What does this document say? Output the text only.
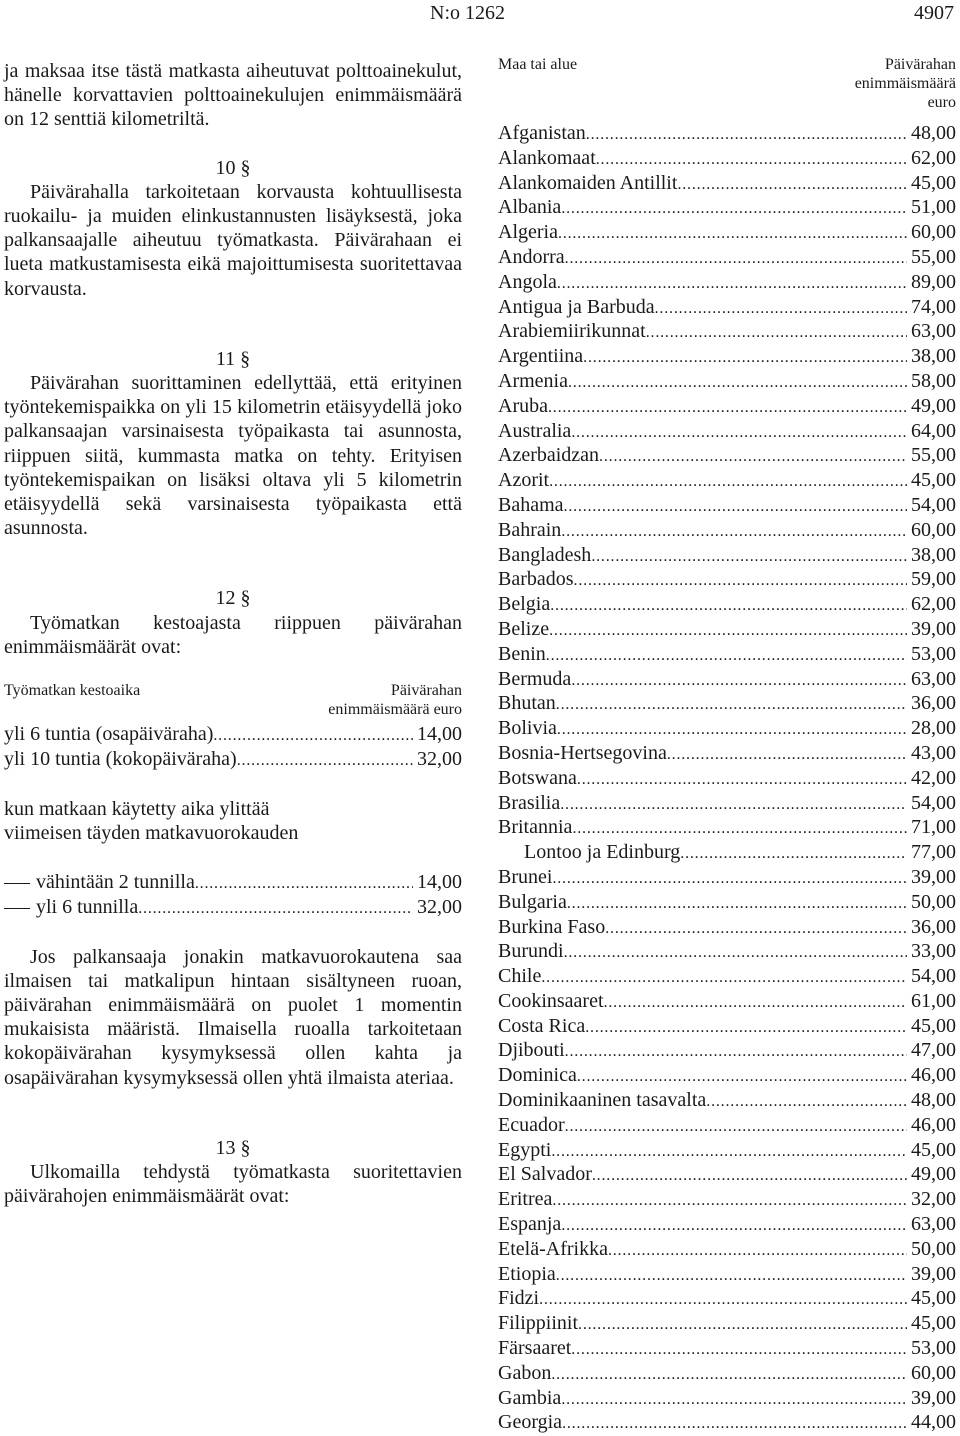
N:o 1262	4907

ja maksaa itse tästä matkasta aiheutuvat polttoainekulut, hänelle korvattavien polttoainekulujen enimmäismäärä on 12 senttiä kilometriltä.

10 §

Päivärahalla tarkoitetaan korvausta kohtuullisesta ruokailu- ja muiden elinkustannusten lisäyksestä, joka palkansaajalle aiheutuu työmatkasta. Päivärahaan ei lueta matkustamisesta eikä majoittumisesta suoritettavaa korvausta.

11 §

Päivärahan suorittaminen edellyttää, että erityinen työntekemispaikka on yli 15 kilometrin etäisyydellä joko palkansaajan varsinaisesta työpaikasta tai asunnosta, riippuen siitä, kummasta matka on tehty. Erityisen työntekemispaikan on lisäksi oltava yli 5 kilometrin etäisyydellä sekä varsinaisesta työpaikasta että asunnosta.

12 §

Työmatkan kestoajasta riippuen päivärahan enimmäismäärät ovat:

Työmatkan kestoaika	Päivärahan
enimmäismäärä euro
yli 6 tuntia (osapäiväraha) . . .	14,00
yli 10 tuntia (kokopäiväraha) . . .	32,00
kun matkaan käytetty aika ylittää
viimeisen täyden matkavuorokauden
vähintään 2 tunnilla . . .	14,00
yli 6 tunnilla . . .	32,00

Jos palkansaaja jonakin matkavuorokautena saa ilmaisen tai matkalipun hintaan sisältyneen ruoan, päivärahan enimmäismäärä on puolet 1 momentin mukaisista määristä. Ilmaisella ruoalla tarkoitetaan kokopäivärahan kysymyksessä ollen kahta ja osapäivärahan kysymyksessä ollen yhtä ilmaista ateriaa.

13 §

Ulkomailla tehdystä työmatkasta suoritettavien päivärahojen enimmäismäärät ovat:

Maa tai alue	Päivärahan
enimmäismäärä
euro
Afganistan . . .	48,00
Alankomaat . . .	62,00
Alankomaiden Antillit . . .	45,00
Albania . . .	51,00
Algeria . . .	60,00
Andorra . . .	55,00
Angola . . .	89,00
Antigua ja Barbuda . . .	74,00
Arabiemiirikunnat . . .	63,00
Argentiina . . .	38,00
Armenia . . .	58,00
Aruba . . .	49,00
Australia . . .	64,00
Azerbaidzan . . .	55,00
Azorit . . .	45,00
Bahama . . .	54,00
Bahrain . . .	60,00
Bangladesh . . .	38,00
Barbados . . .	59,00
Belgia . . .	62,00
Belize . . .	39,00
Benin . . .	53,00
Bermuda . . .	63,00
Bhutan . . .	36,00
Bolivia . . .	28,00
Bosnia-Hertsegovina . . .	43,00
Botswana . . .	42,00
Brasilia . . .	54,00
Britannia . . .	71,00
Lontoo ja Edinburg . . .	77,00
Brunei . . .	39,00
Bulgaria . . .	50,00
Burkina Faso . . .	36,00
Burundi . . .	33,00
Chile . . .	54,00
Cookinsaaret . . .	61,00
Costa Rica . . .	45,00
Djibouti . . .	47,00
Dominica . . .	46,00
Dominikaaninen tasavalta . . .	48,00
Ecuador . . .	46,00
Egypti . . .	45,00
El Salvador . . .	49,00
Eritrea . . .	32,00
Espanja . . .	63,00
Etelä-Afrikka . . .	50,00
Etiopia . . .	39,00
Fidzi . . .	45,00
Filippiinit . . .	45,00
Färsaaret . . .	53,00
Gabon . . .	60,00
Gambia . . .	39,00
Georgia . . .	44,00
